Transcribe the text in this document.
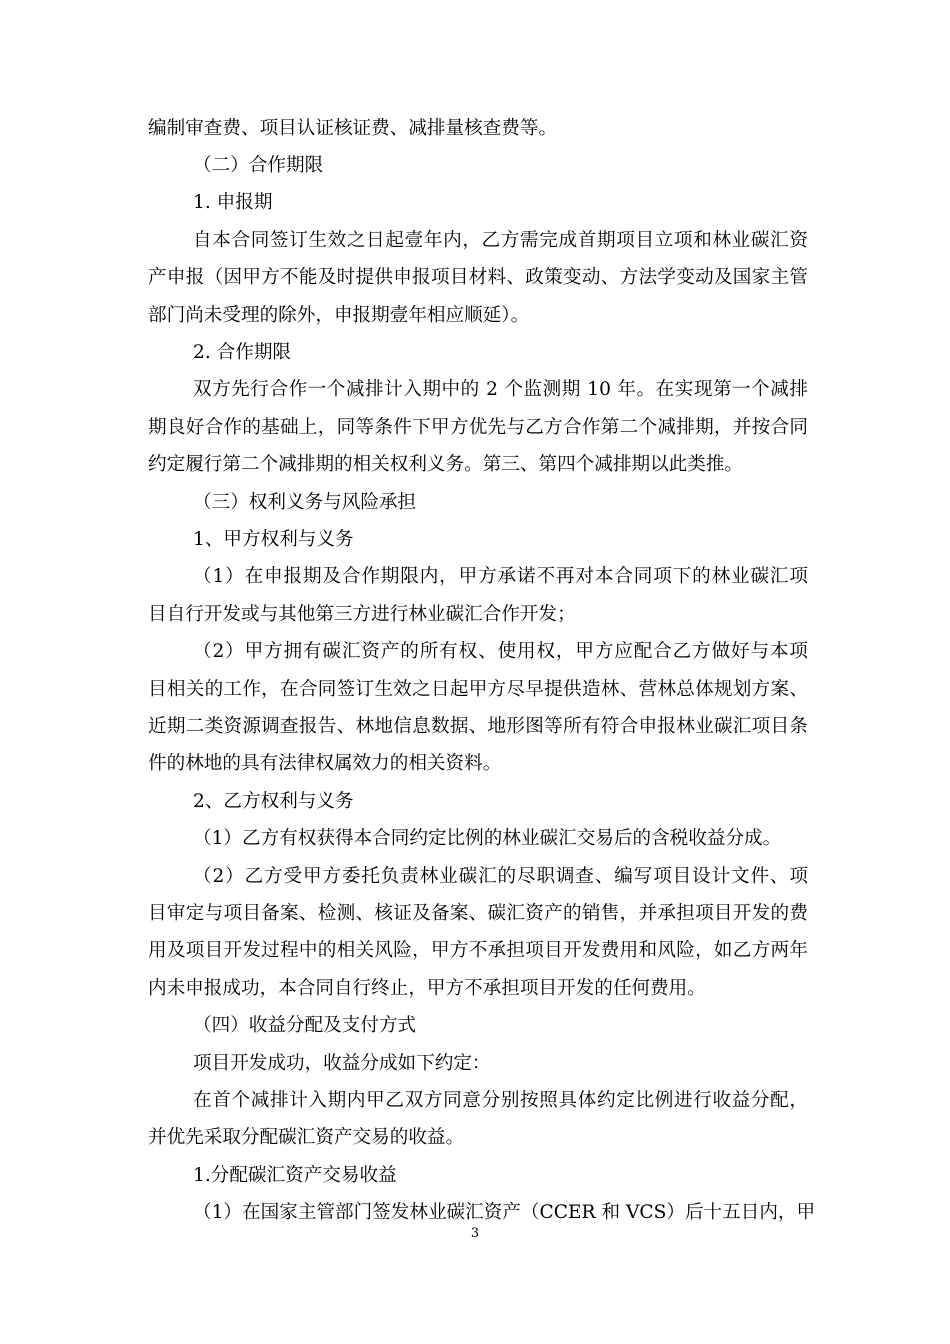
编制审查费、项目认证核证费、减排量核查费等。
（二）合作期限
1. 申报期
自本合同签订生效之日起壹年内，乙方需完成首期项目立项和林业碳汇资
产申报（因甲方不能及时提供申报项目材料、政策变动、方法学变动及国家主管
部门尚未受理的除外，申报期壹年相应顺延）。
2. 合作期限
双方先行合作一个减排计入期中的 2 个监测期 10 年。在实现第一个减排
期良好合作的基础上，同等条件下甲方优先与乙方合作第二个减排期，并按合同
约定履行第二个减排期的相关权利义务。第三、第四个减排期以此类推。
（三）权利义务与风险承担
1、甲方权利与义务
（1）在申报期及合作期限内，甲方承诺不再对本合同项下的林业碳汇项
目自行开发或与其他第三方进行林业碳汇合作开发；
（2）甲方拥有碳汇资产的所有权、使用权，甲方应配合乙方做好与本项
目相关的工作，在合同签订生效之日起甲方尽早提供造林、营林总体规划方案、
近期二类资源调查报告、林地信息数据、地形图等所有符合申报林业碳汇项目条
件的林地的具有法律权属效力的相关资料。
2、乙方权利与义务
（1）乙方有权获得本合同约定比例的林业碳汇交易后的含税收益分成。
（2）乙方受甲方委托负责林业碳汇的尽职调查、编写项目设计文件、项
目审定与项目备案、检测、核证及备案、碳汇资产的销售，并承担项目开发的费
用及项目开发过程中的相关风险，甲方不承担项目开发费用和风险，如乙方两年
内未申报成功，本合同自行终止，甲方不承担项目开发的任何费用。
（四）收益分配及支付方式
项目开发成功，收益分成如下约定：
在首个减排计入期内甲乙双方同意分别按照具体约定比例进行收益分配，
并优先采取分配碳汇资产交易的收益。
1.分配碳汇资产交易收益
（1）在国家主管部门签发林业碳汇资产（CCER 和 VCS）后十五日内，甲
3
